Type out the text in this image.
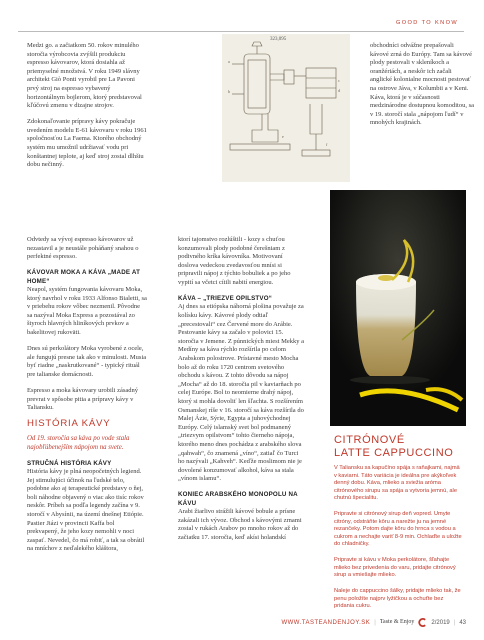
GOOD TO KNOW
323,095
a
b
c
d
e
f

Medzi go. a začiatkom 50. rokov minulého storočia výrobcovia zvýšili produkciu espresso kávovarov, ktorá dosiahla až priemyselné množstvá. V roku 1949 slávny architekt Giò Ponti vyrobil pre La Pavoni prvý stroj na espresso vybavený horizontálnym bojlerom, ktorý predstavoval kľúčovú zmenu v dizajne strojov.

Zdokonaľovanie prípravy kávy pokračuje uvedením modelu E-61 kávovaru v roku 1961 spoločnosťou La Faema. Ktorého obchodný systém mu umožnil udržiavať vodu pri konštantnej teplote, aj keď stroj zostal dlhšiu dobu nečinný.

obchodníci odvážne prepašovali kávové zrná do Európy. Tam sa kávové plody pestovali v skleníkoch a oranžériách, a neskôr ich začali anglické kolonialne mocnosti pestovať na ostrove Jáva, v Kolumbii a v Keni. Káva, ktorá je v súčasnosti medzinárodne dostupnou komoditou, sa v 19. storočí stala „nápojom ľudí“ v mnohých krajinách.

Odvtedy sa vývoj espresso kávovarov už nezastavil a je neustále poháňaný snahou o perfektné espresso.

KÁVOVAR MOKA A KÁVA „MADE AT HOME“

Neapol, systém fungovania kávovaru Moka, ktorý navrhol v roku 1933 Alfonso Bialetti, sa v priebehu rokov vôbec nezmenil. Pôvodne sa nazýval Moka Express a pozostával zo štyroch hlavných hliníkových prvkov a bakelitovej rukoväti.

Dnes sú perkolátory Moka vyrobené z ocele, ale fungujú presne tak ako v minulosti. Musia byť riadne „naskrutkované“ - typický rituál pre talianske domácnosti.

Espresso a moka kávovary urobili zásadný prevrat v spôsobe pitia a prípravy kávy v Taliansku.

HISTÓRIA KÁVY

Od 19. storočia sa káva po vode stala najobľúbenejším nápojom na svete.

STRUČNÁ HISTÓRIA KÁVY

História kávy je plná neopočetných legiend. Jej stimulujúci účinok na ľudské telo, podobne ako aj terapeutické predstavy o ňej, boli náhodne objavený o viac ako tisíc rokov neskôr. Príbeh sa podľa legendy začína v 9. storočí v Abysínii, na území dnešnej Etiópie. Pastier Jiázi v provincii Kaffa bol prekvapený, že jeho kozy nemohli v noci zaspať. Nevedel, čo má robiť, a tak sa obrátil na mníchov z neďalekého kláštora,

ktorí tajomstvo rozlúštili - kozy s chuťou konzumovali plody podobné čerešniam z podivného kríka kávovníka. Motivovaní doslova vedeckou zvedavosťou mnísi si pripravili nápoj z týchto bobuliek a po jeho vypití sa včetci cítili nabití energiou.

KÁVA – „TRIEZVE OPILSTVO“

Aj dnes sa etiópska náhorná plošina považuje za kolísku kávy. Kávové plody odtiaľ „precestovali“ cez Červené more do Arábie. Pestovanie kávy sa začalo v polovici 15. storočia v Jemene. Z púnnických miest Mekky a Medíny sa káva rýchlo rozšírila po celom Arabskom polostrove. Prístavné mesto Mocha bolo až do roku 1720 centrom svetového obchodu s kávou. Z tohto dôvodu sa nápoj „Mocha“ až do 18. storočia pil v kaviarňach po celej Európe. Bol to neomierne drahý nápoj, ktorý si mohla dovoliť len šľachta. S rozšírením Osmanskej ríše v 16. storočí sa káva rozšírila do Malej Ázie, Sýrie, Egypta a juhovýchodnej Európy. Celý islamský svet bol podmanený „triezvym opilstvom“ tohto čierneho nápoja, ktorého meno dnes pochádza z arabského slova „qahwah“, čo znamená „víno“, zatiaľ čo Turci ho nazývali „Kahveh“. Keďže moslimom nie je dovolené konzumovať alkohol, káva sa stala „vínom islamu“.

KONIEC ARABSKÉHO MONOPOLU NA KÁVU

Arabi žiarlivo strážili kávové bobule a prísne zakázali ich vývoz. Obchod s kávovými zrnami zostal v rukách Arabov po mnoho rokov až do začiatku 17. storočia, keď akísi holandskí

CITRÓNOVÉ
LATTE CAPPUCCINO
V Taliansku sa kapučíno spája s raňajkami, najmä v kaviarni. Táto variácia je ideálna pre akýkoľvek denný dobu. Káva, mlieko a sviežia aróma citrónového sirupu sa spája a vytvoria jemnú, ale chutnú špecialitu.
Pripravte si citrónový sirup deň vopred. Umyte citróny, odstráňte kôru a narežte ju na jemné rezančeky. Potom dajte kôru do hrnca s vodou a cukrom a nechajte variť 8-9 min. Ochlaďte a uložte do chladničky.
Pripravte si kávu v Moka perkolátore, šľahajte mlieko bez privedenia do varu, pridajte citrónový sirup a vmiešajte mlieko.
Naleje do cappuccino šálky, pridajte mlieko tak, že penu položíte najprv lyžičkou a ochuťte bez pridania cukru.
WWW.TASTEANDENJOY.SK | Taste & Enjoy	2/2019 | 43
